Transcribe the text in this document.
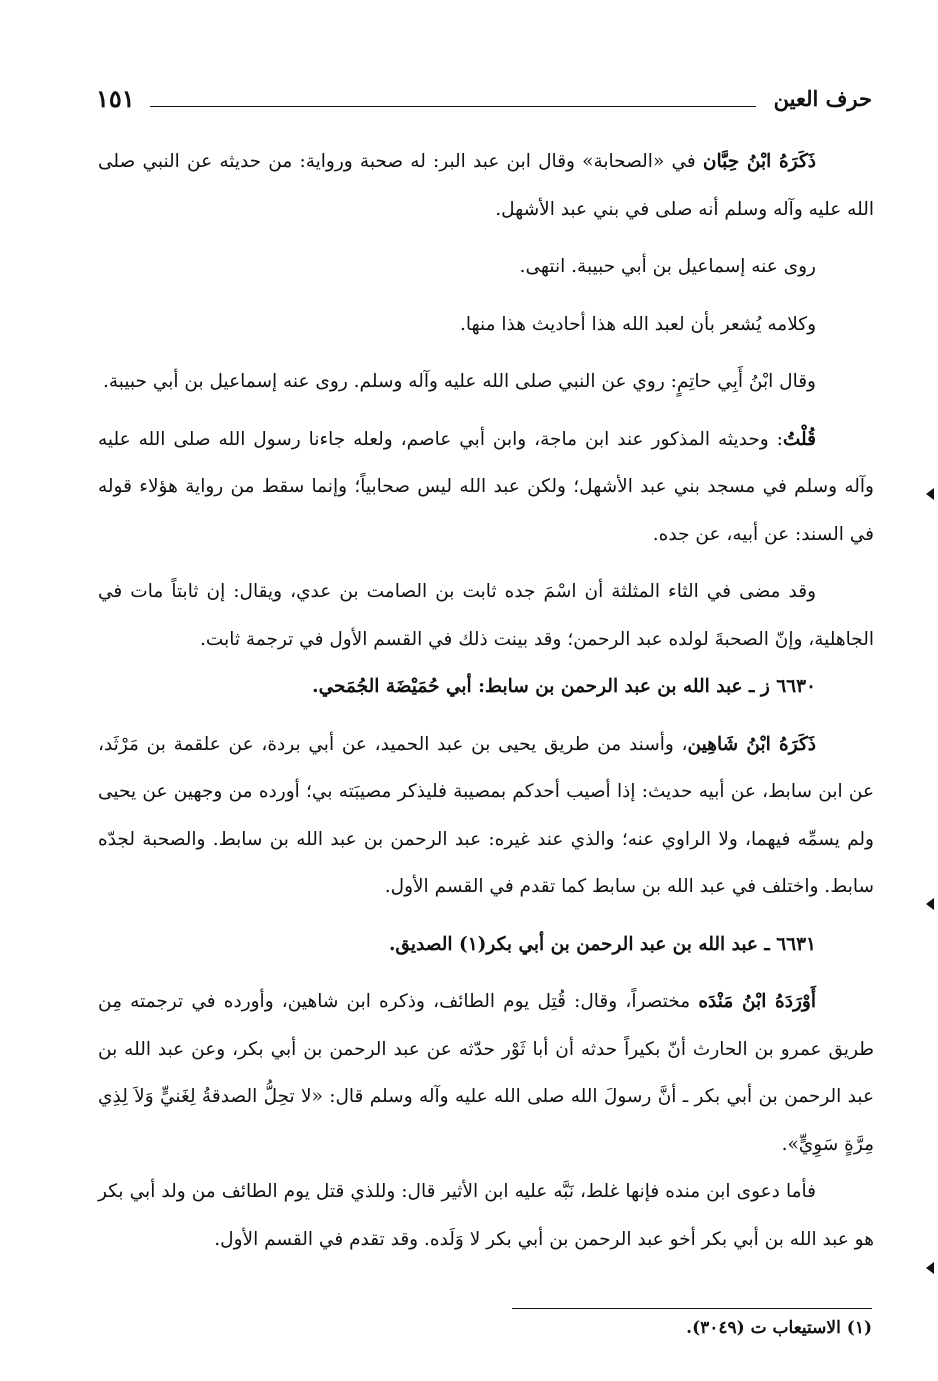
حرف العين
١٥١

ذَكَرَهُ ابْنُ حِبَّان في «الصحابة» وقال ابن عبد البر: له صحبة ورواية: من حديثه عن النبي صلى الله عليه وآله وسلم أنه صلى في بني عبد الأشهل.

روى عنه إسماعيل بن أبي حبيبة. انتهى.

وكلامه يُشعر بأن لعبد الله هذا أحاديث هذا منها.

وقال ابْنُ أَبِي حاتِمٍ: روي عن النبي صلى الله عليه وآله وسلم. روى عنه إسماعيل بن أبي حبيبة.

قُلْتُ: وحديثه المذكور عند ابن ماجة، وابن أبي عاصم، ولعله جاءنا رسول الله صلى الله عليه وآله وسلم في مسجد بني عبد الأشهل؛ ولكن عبد الله ليس صحابياً؛ وإنما سقط من رواية هؤلاء قوله في السند: عن أبيه، عن جده.

وقد مضى في الثاء المثلثة أن اسْمَ جده ثابت بن الصامت بن عدي، ويقال: إن ثابتاً مات في الجاهلية، وإنّ الصحبةَ لولده عبد الرحمن؛ وقد بينت ذلك في القسم الأول في ترجمة ثابت.

٦٦٣٠ ز ـ عبد الله بن عبد الرحمن بن سابط: أبي حُمَيْضَة الجُمَحي.

ذَكَرَهُ ابْنُ شَاهِين، وأسند من طريق يحيى بن عبد الحميد، عن أبي بردة، عن علقمة بن مَرْثَد، عن ابن سابط، عن أبيه حديث: إذا أصيب أحدكم بمصيبة فليذكر مصيبَته بي؛ أورده من وجهين عن يحيى ولم يسمِّه فيهما، ولا الراوي عنه؛ والذي عند غيره: عبد الرحمن بن عبد الله بن سابط. والصحبة لجدّه سابط. واختلف في عبد الله بن سابط كما تقدم في القسم الأول.

٦٦٣١ ـ عبد الله بن عبد الرحمن بن أبي بكر(١) الصديق.

أَوْرَدَهُ ابْنُ مَنْدَه مختصراً، وقال: قُتِل يوم الطائف، وذكره ابن شاهين، وأورده في ترجمته مِن طريق عمرو بن الحارث أنّ بكيراً حدثه أن أبا ثَوْر حدّثه عن عبد الرحمن بن أبي بكر، وعن عبد الله بن عبد الرحمن بن أبي بكر ـ أنَّ رسولَ الله صلى الله عليه وآله وسلم قال: «لا تحِلُّ الصدقةُ لِغَنيٍّ وَلاَ لِذِي مِرَّةٍ سَوِيٍّ».

فأما دعوى ابن منده فإنها غلط، نَبَّه عليه ابن الأثير قال: وللذي قتل يوم الطائف من ولد أبي بكر هو عبد الله بن أبي بكر أخو عبد الرحمن بن أبي بكر لا وَلَده. وقد تقدم في القسم الأول.

(١) الاستيعاب ت (٣٠٤٩).
